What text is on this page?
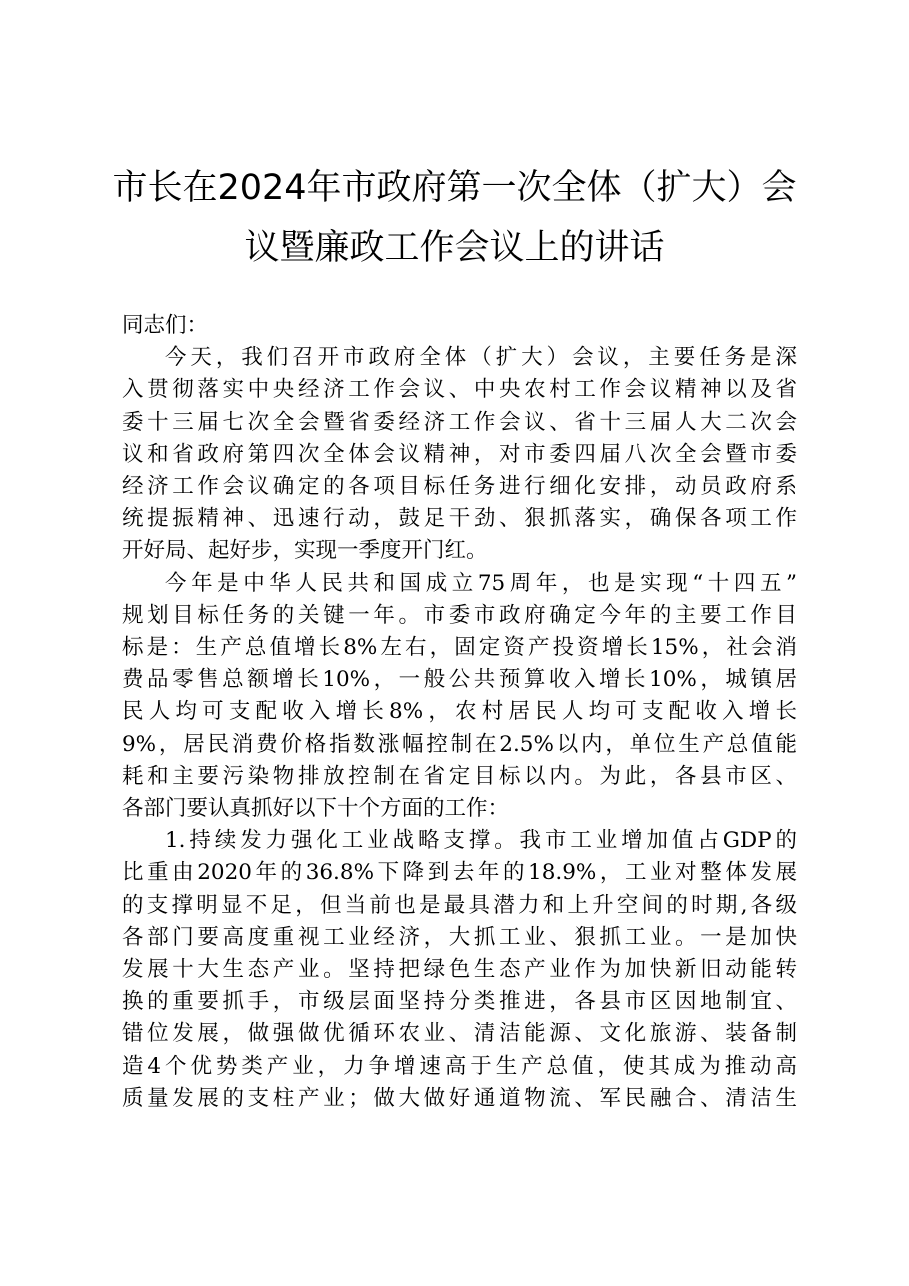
市长在2024年市政府第一次全体（扩大）会
议暨廉政工作会议上的讲话

同志们：

今天，我们召开市政府全体（扩大）会议，主要任务是深
入贯彻落实中央经济工作会议、中央农村工作会议精神以及省
委十三届七次全会暨省委经济工作会议、省十三届人大二次会
议和省政府第四次全体会议精神，对市委四届八次全会暨市委
经济工作会议确定的各项目标任务进行细化安排，动员政府系
统提振精神、迅速行动，鼓足干劲、狠抓落实，确保各项工作
开好局、起好步，实现一季度开门红。

今年是中华人民共和国成立75周年，也是实现“十四五”
规划目标任务的关键一年。市委市政府确定今年的主要工作目
标是：生产总值增长8%左右，固定资产投资增长15%，社会消
费品零售总额增长10%，一般公共预算收入增长10%，城镇居
民人均可支配收入增长8%，农村居民人均可支配收入增长
9%，居民消费价格指数涨幅控制在2.5%以内，单位生产总值能
耗和主要污染物排放控制在省定目标以内。为此，各县市区、
各部门要认真抓好以下十个方面的工作：

1.持续发力强化工业战略支撑。我市工业增加值占GDP的
比重由2020年的36.8%下降到去年的18.9%，工业对整体发展
的支撑明显不足，但当前也是最具潜力和上升空间的时期,各级
各部门要高度重视工业经济，大抓工业、狠抓工业。一是加快
发展十大生态产业。坚持把绿色生态产业作为加快新旧动能转
换的重要抓手，市级层面坚持分类推进，各县市区因地制宜、
错位发展，做强做优循环农业、清洁能源、文化旅游、装备制
造4个优势类产业，力争增速高于生产总值，使其成为推动高
质量发展的支柱产业；做大做好通道物流、军民融合、清洁生
